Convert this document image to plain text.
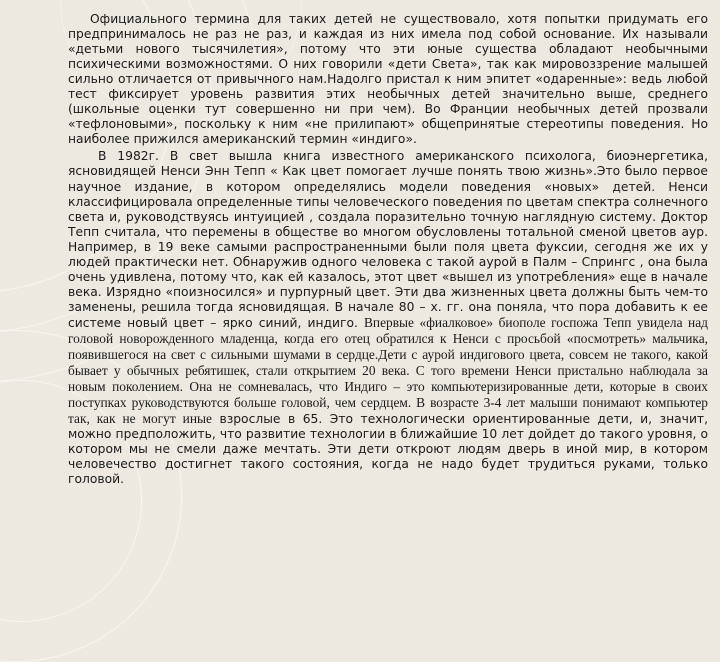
Официального термина для таких детей не существовало, хотя попытки придумать его предпринималось не раз не раз, и каждая из них имела под собой основание. Их называли «детьми нового тысячилетия», потому что эти юные существа обладают необычными психическими возможностями. О них говорили «дети Света», так как мировоззрение малышей сильно отличается от привычного нам.Надолго пристал к ним эпитет «одаренные»: ведь любой тест фиксирует уровень развития этих необычных детей значительно выше, среднего (школьные оценки тут совершенно ни при чем). Во Франции необычных детей прозвали «тефлоновыми», поскольку к ним «не прилипают» общепринятые стереотипы поведения. Но наиболее прижился американский термин «индиго».

В 1982г. В свет вышла книга известного американского психолога, биоэнергетика, ясновидящей Ненси Энн Тепп « Как цвет помогает лучше понять твою жизнь».Это было первое научное издание, в котором определялись модели поведения «новых» детей. Ненси классифицировала определенные типы человеческого поведения по цветам спектра солнечного света и, руководствуясь интуицией , создала поразительно точную наглядную систему. Доктор Тепп считала, что перемены в обществе во многом обусловлены тотальной сменой цветов аур. Например, в 19 веке самыми распространенными были поля цвета фуксии, сегодня же их у людей практически нет. Обнаружив одного человека с такой аурой в Палм – Спрингс , она была очень удивлена, потому что, как ей казалось, этот цвет «вышел из употребления» еще в начале века. Изрядно «поизносился» и пурпурный цвет. Эти два жизненных цвета должны быть чем-то заменены, решила тогда ясновидящая. В начале 80 – х. гг. она поняла, что пора добавить к ее системе новый цвет – ярко синий, индиго. Впервые «фиалковое» биополе госпожа Тепп увидела над головой новорожденного младенца, когда его отец обратился к Ненси с просьбой «посмотреть» мальчика, появившегося на свет с сильными шумами в сердце.Дети с аурой индигового цвета, совсем не такого, какой бывает у обычных ребятишек, стали открытием 20 века. С того времени Ненси пристально наблюдала за новым поколением. Она не сомневалась, что Индиго – это компьютеризированные дети, которые в своих поступках руководствуются больше головой, чем сердцем. В возрасте 3-4 лет малыши понимают компьютер так, как не могут иные взрослые в 65. Это технологически ориентированные дети, и, значит, можно предположить, что развитие технологии в ближайшие 10 лет дойдет до такого уровня, о котором мы не смели даже мечтать. Эти дети откроют людям дверь в иной мир, в котором человечество достигнет такого состояния, когда не надо будет трудиться руками, только головой.
